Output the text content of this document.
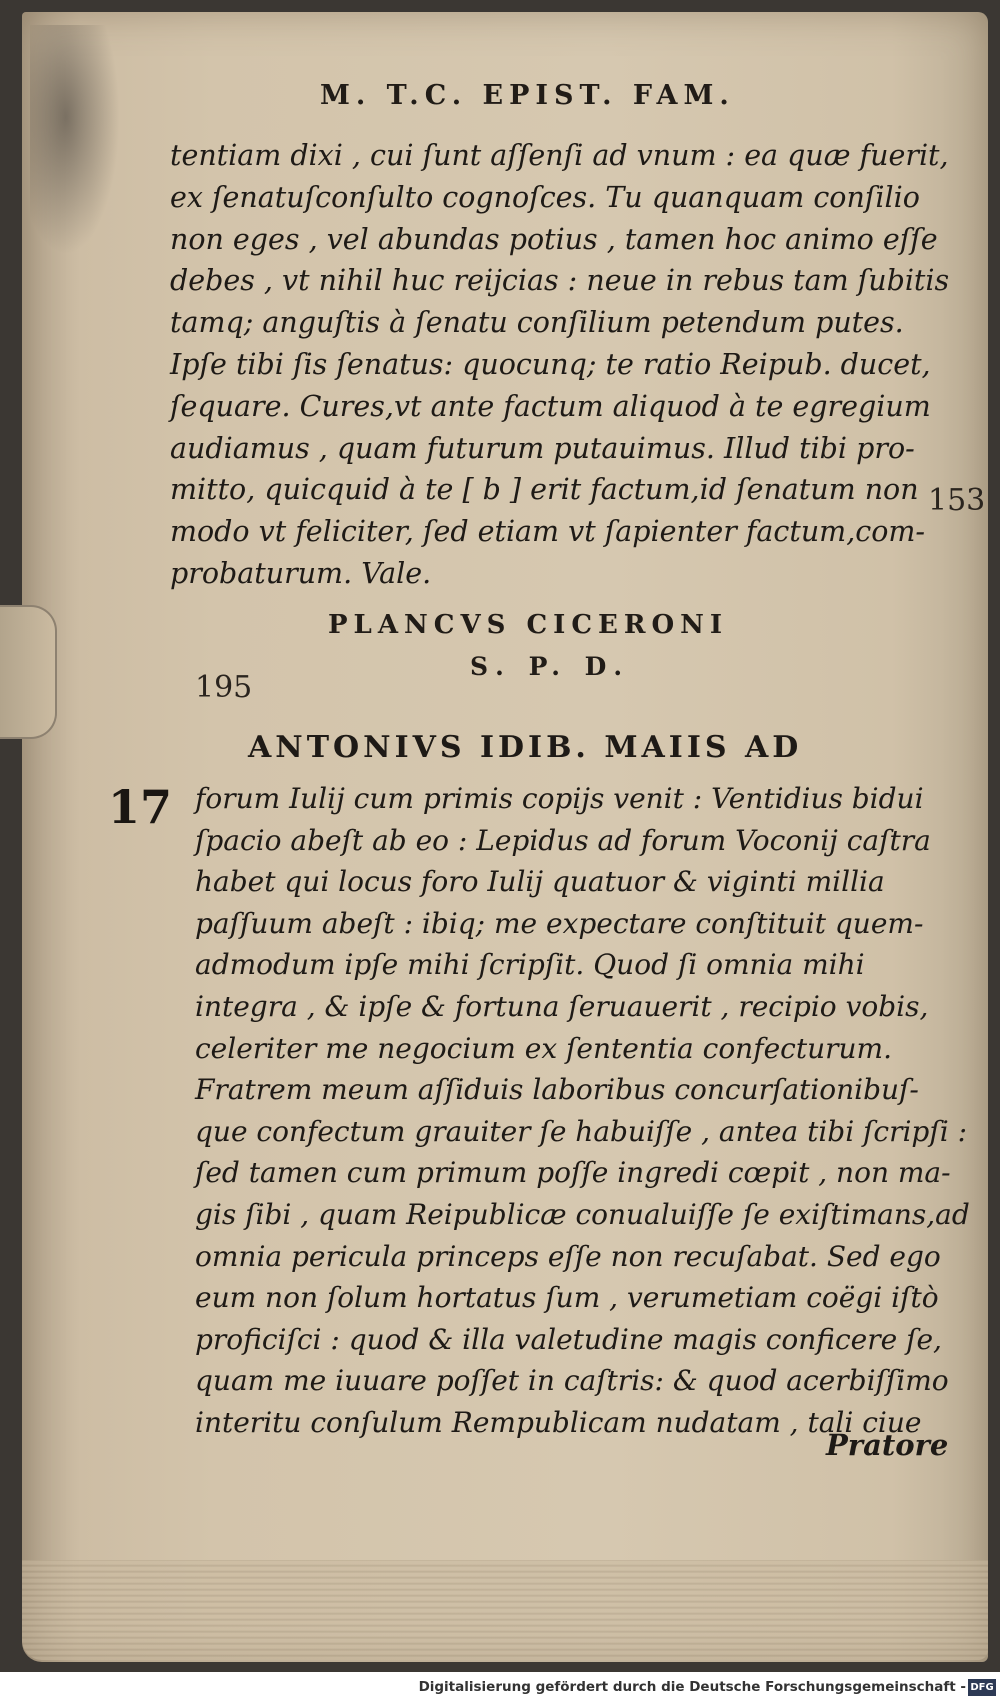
M. T.C. EPIST. FAM.
tentiam dixi , cui ſunt aſſenſi ad vnum : ea quæ fuerit,
ex ſenatuſconſulto cognoſces. Tu quanquam conſilio
non eges , vel abundas potius , tamen hoc animo eſſe
debes , vt nihil huc reijcias : neue in rebus tam ſubitis
tamq; anguſtis à ſenatu conſilium petendum putes.
Ipſe tibi ſis ſenatus: quocunq; te ratio Reipub. ducet,
ſequare. Cures,vt ante factum aliquod à te egregium
audiamus , quam futurum putauimus. Illud tibi pro-
mitto, quicquid à te [ b ] erit factum,id ſenatum non
modo vt feliciter, ſed etiam vt ſapienter factum,com-
probaturum. Vale.
153
PLANCVS CICERONI
S. P. D.
195
17
ANTONIVS IDIB. MAIIS AD
forum Iulij cum primis copijs venit : Ventidius bidui
ſpacio abeſt ab eo : Lepidus ad forum Voconij caſtra
habet qui locus foro Iulij quatuor & viginti millia
paſſuum abeſt : ibiq; me expectare conſtituit quem-
admodum ipſe mihi ſcripſit. Quod ſi omnia mihi
integra , & ipſe & fortuna ſeruauerit , recipio vobis,
celeriter me negocium ex ſententia confecturum.
Fratrem meum aſſiduis laboribus concurſationibuſ-
que confectum grauiter ſe habuiſſe , antea tibi ſcripſi :
ſed tamen cum primum poſſe ingredi cœpit , non ma-
gis ſibi , quam Reipublicæ conualuiſſe ſe exiſtimans,ad
omnia pericula princeps eſſe non recuſabat. Sed ego
eum non ſolum hortatus ſum , verumetiam coëgi iſtò
proficiſci : quod & illa valetudine magis conficere ſe,
quam me iuuare poſſet in caſtris: & quod acerbiſſimo
interitu conſulum Rempublicam nudatam , tali ciue
Pratore
Digitalisierung gefördert durch die Deutsche Forschungsgemeinschaft - DFG
